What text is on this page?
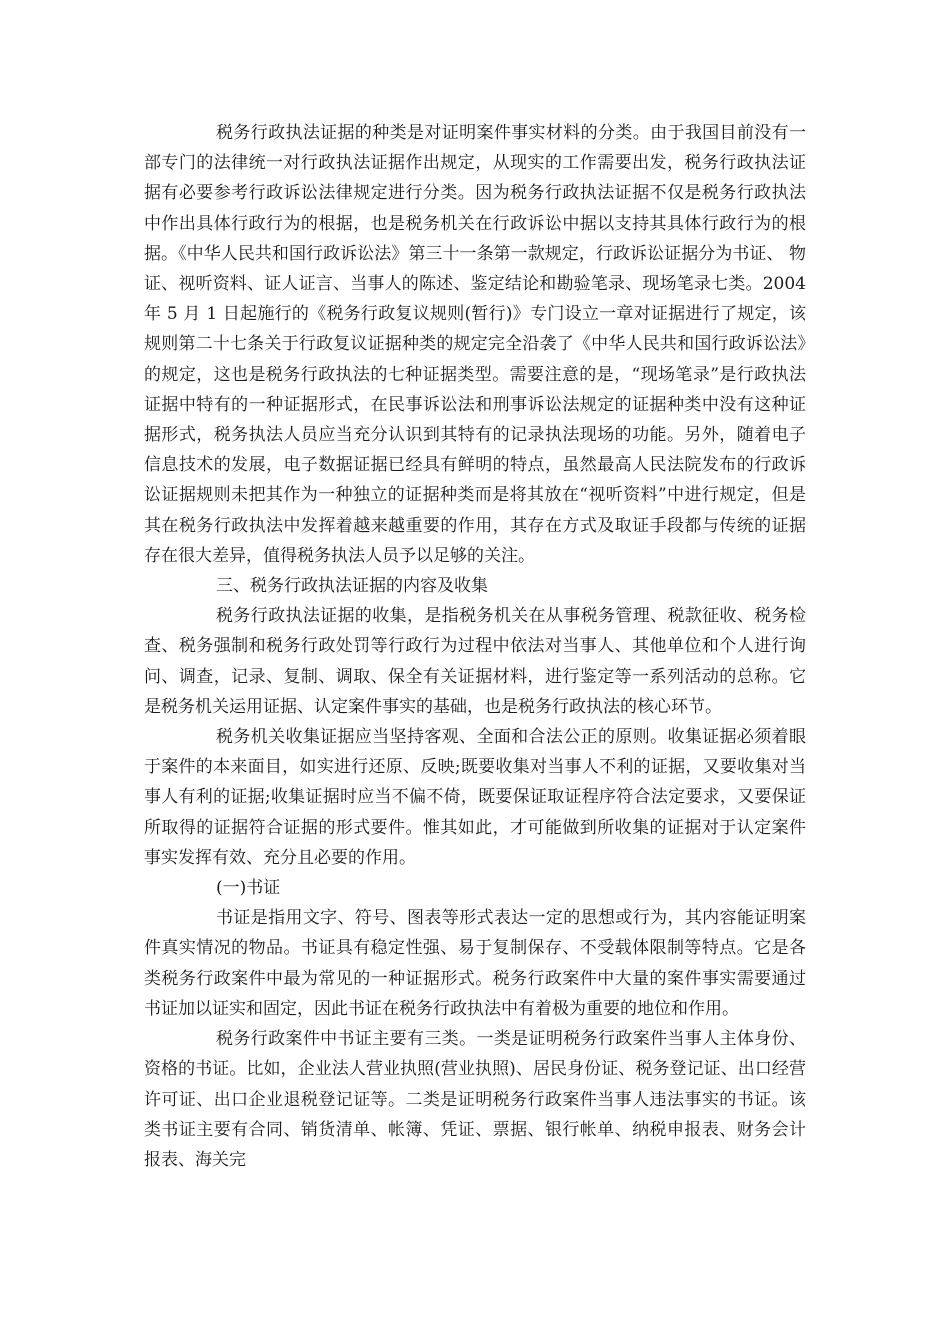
税务行政执法证据的种类是对证明案件事实材料的分类。由于我国目前没有一部专门的法律统一对行政执法证据作出规定，从现实的工作需要出发，税务行政执法证据有必要参考行政诉讼法律规定进行分类。因为税务行政执法证据不仅是税务行政执法中作出具体行政行为的根据，也是税务机关在行政诉讼中据以支持其具体行政行为的根据。《中华人民共和国行政诉讼法》第三十一条第一款规定，行政诉讼证据分为书证、 物证、视听资料、证人证言、当事人的陈述、鉴定结论和勘验笔录、现场笔录七类。2004 年 5 月 1 日起施行的《税务行政复议规则(暂行)》专门设立一章对证据进行了规定，该规则第二十七条关于行政复议证据种类的规定完全沿袭了《中华人民共和国行政诉讼法》的规定，这也是税务行政执法的七种证据类型。需要注意的是，“现场笔录”是行政执法证据中特有的一种证据形式，在民事诉讼法和刑事诉讼法规定的证据种类中没有这种证据形式，税务执法人员应当充分认识到其特有的记录执法现场的功能。另外，随着电子信息技术的发展，电子数据证据已经具有鲜明的特点，虽然最高人民法院发布的行政诉讼证据规则未把其作为一种独立的证据种类而是将其放在“视听资料”中进行规定，但是其在税务行政执法中发挥着越来越重要的作用，其存在方式及取证手段都与传统的证据存在很大差异，值得税务执法人员予以足够的关注。

三、税务行政执法证据的内容及收集

税务行政执法证据的收集，是指税务机关在从事税务管理、税款征收、税务检查、税务强制和税务行政处罚等行政行为过程中依法对当事人、其他单位和个人进行询问、调查，记录、复制、调取、保全有关证据材料，进行鉴定等一系列活动的总称。它是税务机关运用证据、认定案件事实的基础，也是税务行政执法的核心环节。

税务机关收集证据应当坚持客观、全面和合法公正的原则。收集证据必须着眼于案件的本来面目，如实进行还原、反映;既要收集对当事人不利的证据，又要收集对当事人有利的证据;收集证据时应当不偏不倚，既要保证取证程序符合法定要求，又要保证所取得的证据符合证据的形式要件。惟其如此，才可能做到所收集的证据对于认定案件事实发挥有效、充分且必要的作用。

(一)书证

书证是指用文字、符号、图表等形式表达一定的思想或行为，其内容能证明案件真实情况的物品。书证具有稳定性强、易于复制保存、不受载体限制等特点。它是各类税务行政案件中最为常见的一种证据形式。税务行政案件中大量的案件事实需要通过书证加以证实和固定，因此书证在税务行政执法中有着极为重要的地位和作用。

税务行政案件中书证主要有三类。一类是证明税务行政案件当事人主体身份、资格的书证。比如，企业法人营业执照(营业执照)、居民身份证、税务登记证、出口经营许可证、出口企业退税登记证等。二类是证明税务行政案件当事人违法事实的书证。该类书证主要有合同、销货清单、帐簿、凭证、票据、银行帐单、纳税申报表、财务会计报表、海关完
